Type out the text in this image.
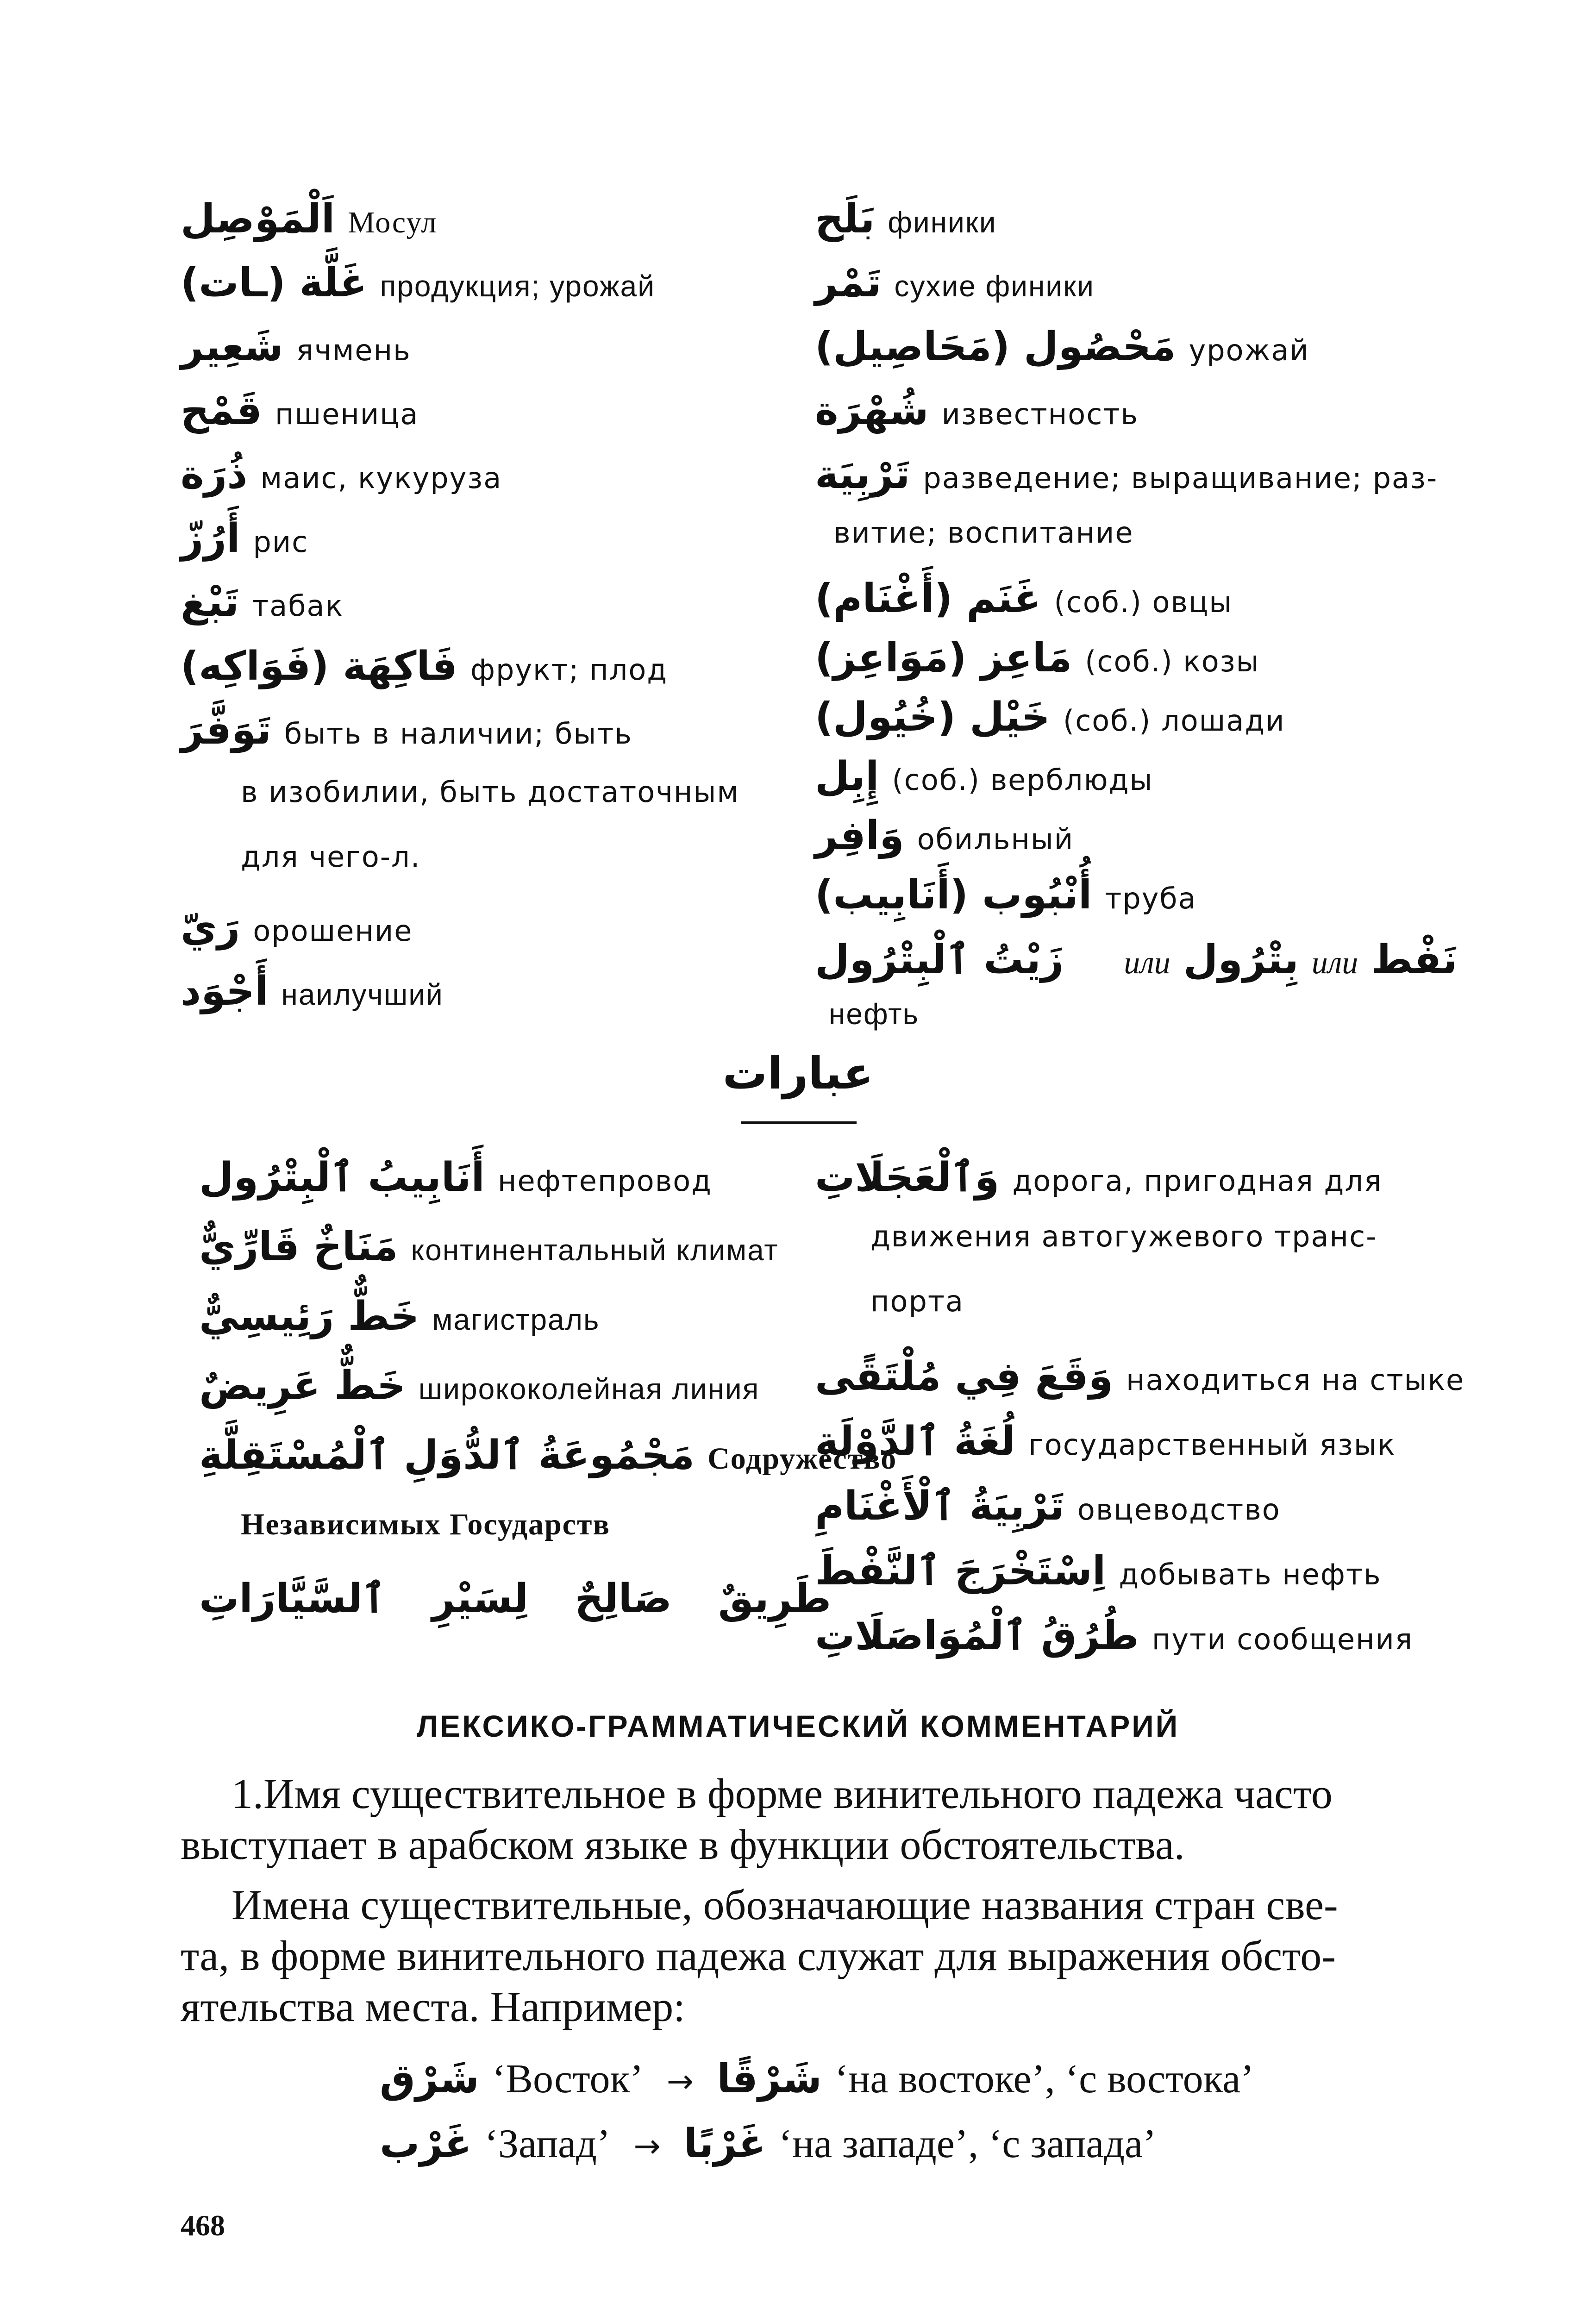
اَلْمَوْصِل Мосул
غَلَّة (ـات) продукция; урожай
شَعِير ячмень
قَمْح пшеница
ذُرَة маис, кукуруза
أَرُزّ рис
تَبْغ табак
فَاكِهَة (فَوَاكِه) фрукт; плод
تَوَفَّرَ быть в наличии; быть
в изобилии, быть достаточным
для чего-л.
رَيّ орошение
أَجْوَد наилучший
بَلَح финики
تَمْر сухие финики
مَحْصُول (مَحَاصِيل) урожай
شُهْرَة известность
تَرْبِيَة разведение; выращивание; раз-
витие; воспитание
غَنَم (أَغْنَام) (соб.) овцы
مَاعِز (مَوَاعِز) (соб.) козы
خَيْل (خُيُول) (соб.) лошади
إِبِل (соб.) верблюды
وَافِر обильный
أُنْبُوب (أَنَابِيب) труба
زَيْتُ ٱلْبِتْرُول или بِتْرُول или نَفْط
нефть
عبارات
أَنَابِيبُ ٱلْبِتْرُول нефтепровод
مَنَاخٌ قَارِّيٌّ континентальный климат
خَطٌّ رَئِيسِيٌّ магистраль
خَطٌّ عَرِيضٌ ширококолейная линия
مَجْمُوعَةُ ٱلدُّوَلِ ٱلْمُسْتَقِلَّةِ Содружество
Независимых Государств
طَرِيقٌ صَالِحٌ لِسَيْرِ ٱلسَّيَّارَاتِ
وَٱلْعَجَلَاتِ дорога, пригодная для
движения автогужевого транс-
порта
وَقَعَ فِي مُلْتَقًى находиться на стыке
لُغَةُ ٱلدَّوْلَةِ государственный язык
تَرْبِيَةُ ٱلْأَغْنَامِ овцеводство
اِسْتَخْرَجَ ٱلنَّفْطَ добывать нефть
طُرُقُ ٱلْمُوَاصَلَاتِ пути сообщения
ЛЕКСИКО-ГРАММАТИЧЕСКИЙ КОММЕНТАРИЙ
1.Имя существительное в форме винительного падежа часто
выступает в арабском языке в функции обстоятельства.
Имена существительные, обозначающие названия стран све-
та, в форме винительного падежа служат для выражения обсто-
ятельства места. Например:
شَرْق ‘Восток’ → شَرْقًا ‘на востоке’, ‘с востока’
غَرْب ‘Запад’ → غَرْبًا ‘на западе’, ‘с запада’
468
